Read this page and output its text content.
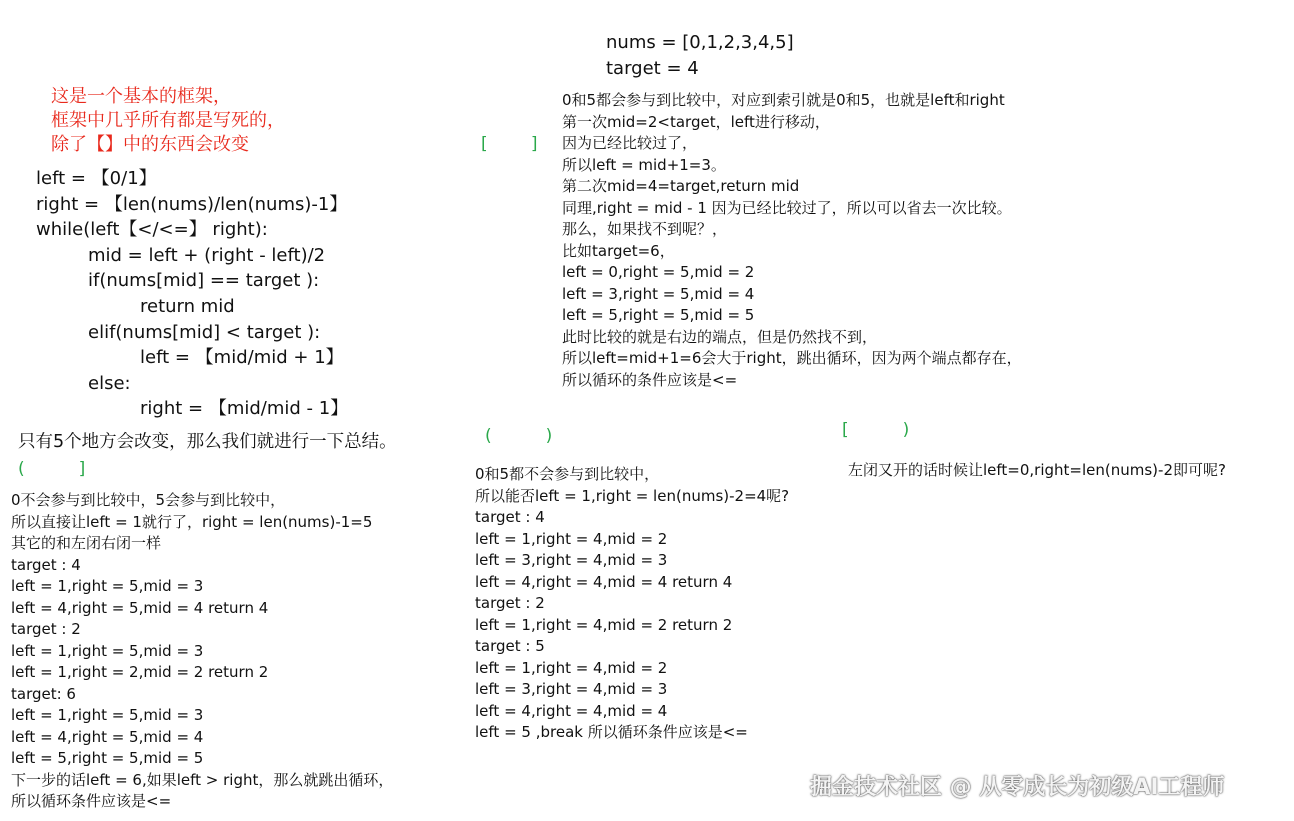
这是一个基本的框架，
框架中几乎所有都是写死的，
除了【】中的东西会改变
left = 【0/1】
right = 【len(nums)/len(nums)-1】
while(left【</<=】 right):
mid = left + (right - left)/2
if(nums[mid] == target ):
return mid
elif(nums[mid] < target ):
left = 【mid/mid + 1】
else:
right = 【mid/mid - 1】
只有5个地方会改变，那么我们就进行一下总结。
(          ]
0不会参与到比较中，5会参与到比较中，
所以直接让left = 1就行了，right = len(nums)-1=5
其它的和左闭右闭一样
target : 4
left = 1,right = 5,mid = 3
left = 4,right = 5,mid = 4 return 4
target : 2
left = 1,right = 5,mid = 3
left = 1,right = 2,mid = 2 return 2
target: 6
left = 1,right = 5,mid = 3
left = 4,right = 5,mid = 4
left = 5,right = 5,mid = 5
下一步的话left = 6,如果left > right，那么就跳出循环，
所以循环条件应该是<=
nums = [0,1,2,3,4,5]
target = 4
[        ]
0和5都会参与到比较中，对应到索引就是0和5，也就是left和right
第一次mid=2<target，left进行移动，
因为已经比较过了，
所以left = mid+1=3。
第二次mid=4=target,return mid
同理,right = mid - 1 因为已经比较过了，所以可以省去一次比较。
那么，如果找不到呢？，
比如target=6，
left = 0,right = 5,mid = 2
left = 3,right = 5,mid = 4
left = 5,right = 5,mid = 5
此时比较的就是右边的端点，但是仍然找不到，
所以left=mid+1=6会大于right，跳出循环，因为两个端点都存在，
所以循环的条件应该是<=
(          )
0和5都不会参与到比较中，
所以能否left = 1,right = len(nums)-2=4呢?
target : 4
left = 1,right = 4,mid = 2
left = 3,right = 4,mid = 3
left = 4,right = 4,mid = 4 return 4
target : 2
left = 1,right = 4,mid = 2 return 2
target : 5
left = 1,right = 4,mid = 2
left = 3,right = 4,mid = 3
left = 4,right = 4,mid = 4
left = 5 ,break 所以循环条件应该是<=
[          )
左闭又开的话时候让left=0,right=len(nums)-2即可呢?
掘金技术社区 @ 从零成长为初级AI工程师
